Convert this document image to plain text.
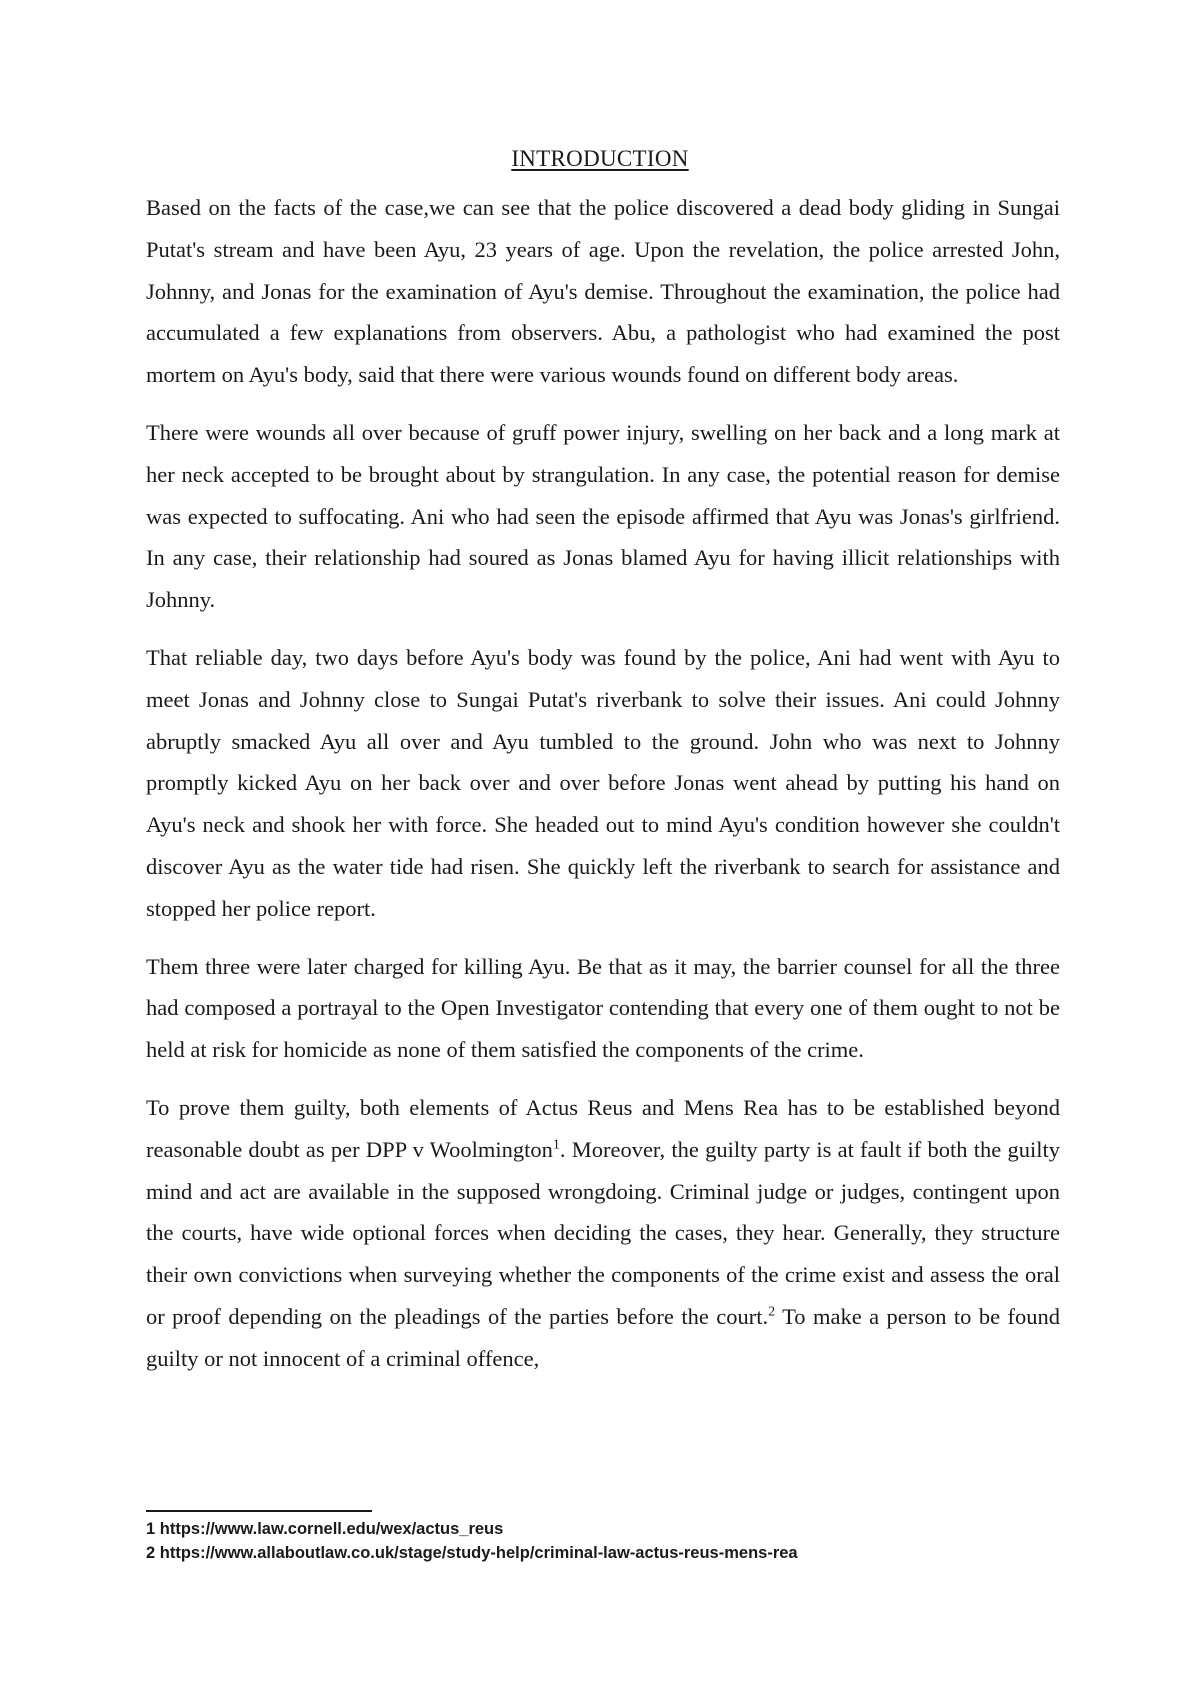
INTRODUCTION

Based on the facts of the case,we can see that the police discovered a dead body gliding in Sungai Putat's stream and have been Ayu, 23 years of age. Upon the revelation, the police arrested John, Johnny, and Jonas for the examination of Ayu's demise. Throughout the examination, the police had accumulated a few explanations from observers. Abu, a pathologist who had examined the post mortem on Ayu's body, said that there were various wounds found on different body areas.

There were wounds all over because of gruff power injury, swelling on her back and a long mark at her neck accepted to be brought about by strangulation. In any case, the potential reason for demise was expected to suffocating. Ani who had seen the episode affirmed that Ayu was Jonas's girlfriend. In any case, their relationship had soured as Jonas blamed Ayu for having illicit relationships with Johnny.

That reliable day, two days before Ayu's body was found by the police, Ani had went with Ayu to meet Jonas and Johnny close to Sungai Putat's riverbank to solve their issues. Ani could Johnny abruptly smacked Ayu all over and Ayu tumbled to the ground. John who was next to Johnny promptly kicked Ayu on her back over and over before Jonas went ahead by putting his hand on Ayu's neck and shook her with force. She headed out to mind Ayu's condition however she couldn't discover Ayu as the water tide had risen. She quickly left the riverbank to search for assistance and stopped her police report.

Them three were later charged for killing Ayu. Be that as it may, the barrier counsel for all the three had composed a portrayal to the Open Investigator contending that every one of them ought to not be held at risk for homicide as none of them satisfied the components of the crime.

To prove them guilty, both elements of Actus Reus and Mens Rea has to be established beyond reasonable doubt as per DPP v Woolmington$^1$. Moreover, the guilty party is at fault if both the guilty mind and act are available in the supposed wrongdoing. Criminal judge or judges, contingent upon the courts, have wide optional forces when deciding the cases, they hear. Generally, they structure their own convictions when surveying whether the components of the crime exist and assess the oral or proof depending on the pleadings of the parties before the court.$^2$ To make a person to be found guilty or not innocent of a criminal offence,

1 https://www.law.cornell.edu/wex/actus_reus
2 https://www.allaboutlaw.co.uk/stage/study-help/criminal-law-actus-reus-mens-rea
